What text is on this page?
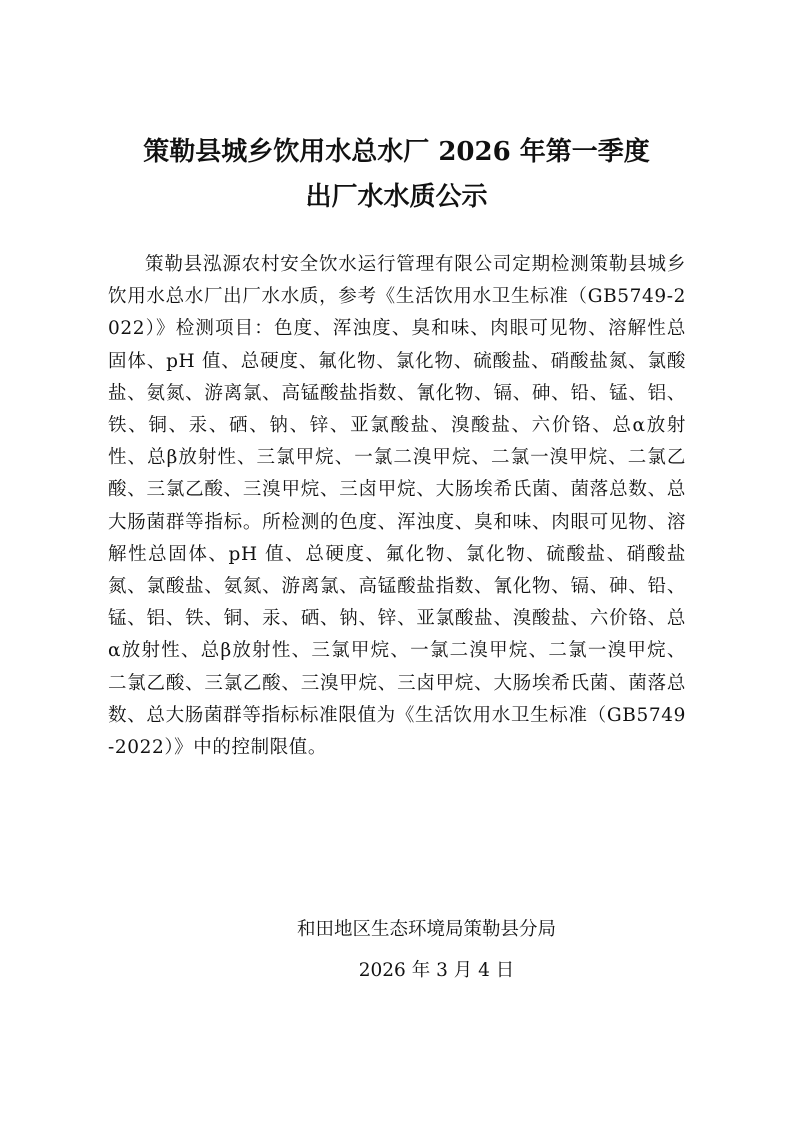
策勒县城乡饮用水总水厂 2026 年第一季度
出厂水水质公示

策勒县泓源农村安全饮水运行管理有限公司定期检测策勒县城乡饮用水总水厂出厂水水质，参考《生活饮用水卫生标准（GB5749-2022）》检测项目：色度、浑浊度、臭和味、肉眼可见物、溶解性总固体、pH 值、总硬度、氟化物、氯化物、硫酸盐、硝酸盐氮、氯酸盐、氨氮、游离氯、高锰酸盐指数、氰化物、镉、砷、铅、锰、铝、铁、铜、汞、硒、钠、锌、亚氯酸盐、溴酸盐、六价铬、总α放射性、总β放射性、三氯甲烷、一氯二溴甲烷、二氯一溴甲烷、二氯乙酸、三氯乙酸、三溴甲烷、三卤甲烷、大肠埃希氏菌、菌落总数、总大肠菌群等指标。所检测的色度、浑浊度、臭和味、肉眼可见物、溶解性总固体、pH 值、总硬度、氟化物、氯化物、硫酸盐、硝酸盐氮、氯酸盐、氨氮、游离氯、高锰酸盐指数、氰化物、镉、砷、铅、锰、铝、铁、铜、汞、硒、钠、锌、亚氯酸盐、溴酸盐、六价铬、总α放射性、总β放射性、三氯甲烷、一氯二溴甲烷、二氯一溴甲烷、二氯乙酸、三氯乙酸、三溴甲烷、三卤甲烷、大肠埃希氏菌、菌落总数、总大肠菌群等指标标准限值为《生活饮用水卫生标准（GB5749-2022）》中的控制限值。

和田地区生态环境局策勒县分局

2026 年 3 月 4 日
